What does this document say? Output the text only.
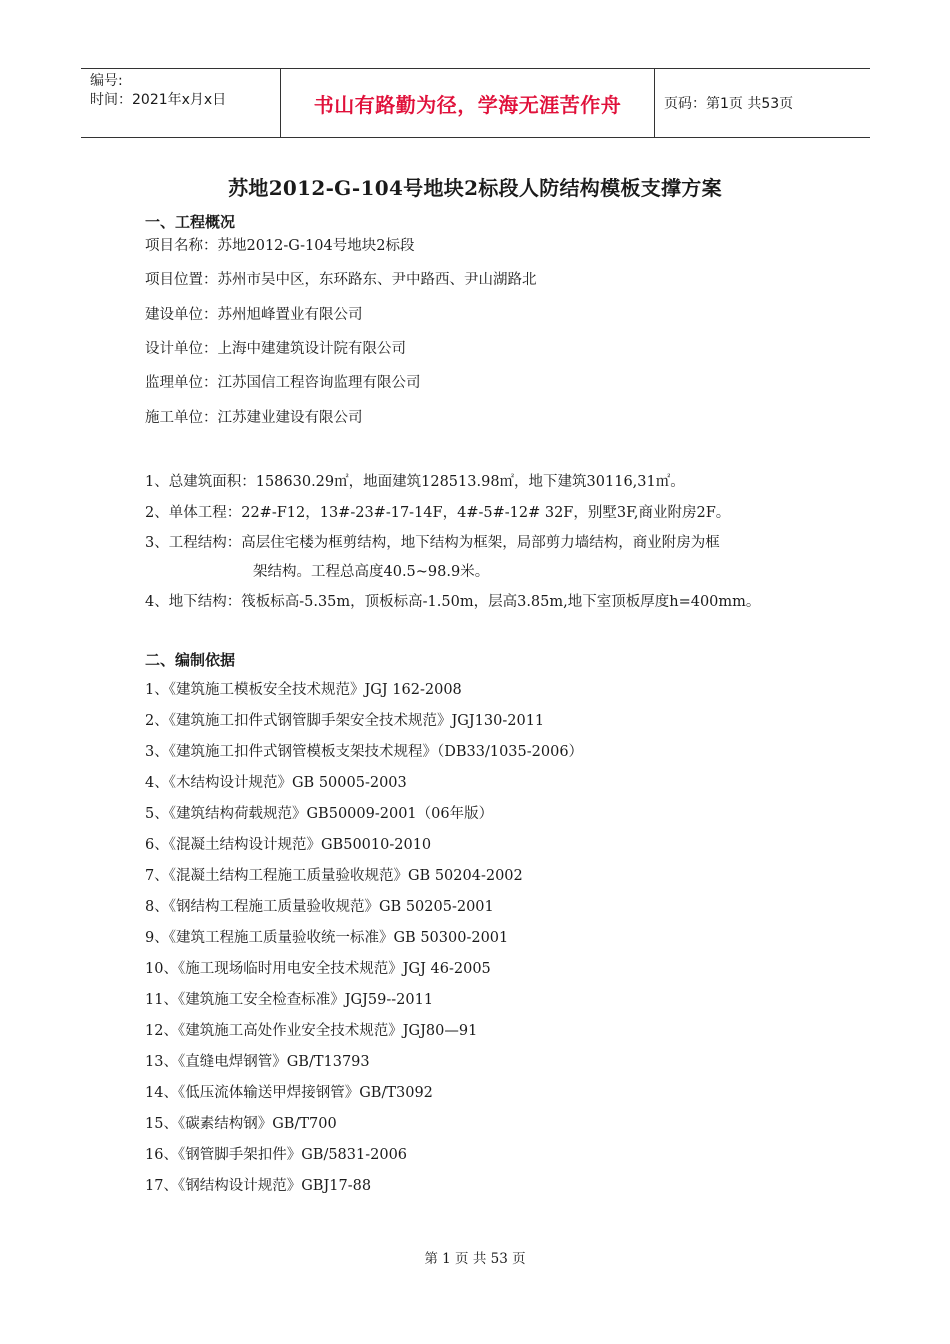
编号:
时间：2021年x月x日	书山有路勤为径，学海无涯苦作舟	页码：第1页 共53页
苏地2012-G-104号地块2标段人防结构模板支撑方案
一、工程概况
项目名称：苏地2012-G-104号地块2标段
项目位置：苏州市吴中区，东环路东、尹中路西、尹山湖路北
建设单位：苏州旭峰置业有限公司
设计单位：上海中建建筑设计院有限公司
监理单位：江苏国信工程咨询监理有限公司
施工单位：江苏建业建设有限公司
1、总建筑面积：158630.29㎡，地面建筑128513.98㎡，地下建筑30116,31㎡。
2、单体工程：22#-F12，13#-23#-17-14F，4#-5#-12# 32F，别墅3F,商业附房2F。
3、工程结构：高层住宅楼为框剪结构，地下结构为框架，局部剪力墙结构，商业附房为框
架结构。工程总高度40.5~98.9米。
4、地下结构：筏板标高-5.35m，顶板标高-1.50m，层高3.85m,地下室顶板厚度h=400mm。
二、编制依据
1、《建筑施工模板安全技术规范》JGJ 162-2008
2、《建筑施工扣件式钢管脚手架安全技术规范》JGJ130-2011
3、《建筑施工扣件式钢管模板支架技术规程》（DB33/1035-2006）
4、《木结构设计规范》GB 50005-2003
5、《建筑结构荷载规范》GB50009-2001（06年版）
6、《混凝土结构设计规范》GB50010-2010
7、《混凝土结构工程施工质量验收规范》GB 50204-2002
8、《钢结构工程施工质量验收规范》GB 50205-2001
9、《建筑工程施工质量验收统一标准》GB 50300-2001
10、《施工现场临时用电安全技术规范》JGJ 46-2005
11、《建筑施工安全检查标准》JGJ59--2011
12、《建筑施工高处作业安全技术规范》JGJ80—91
13、《直缝电焊钢管》GB/T13793
14、《低压流体输送甲焊接钢管》GB/T3092
15、《碳素结构钢》GB/T700
16、《钢管脚手架扣件》GB/5831-2006
17、《钢结构设计规范》GBJ17-88
第 1 页 共 53 页
